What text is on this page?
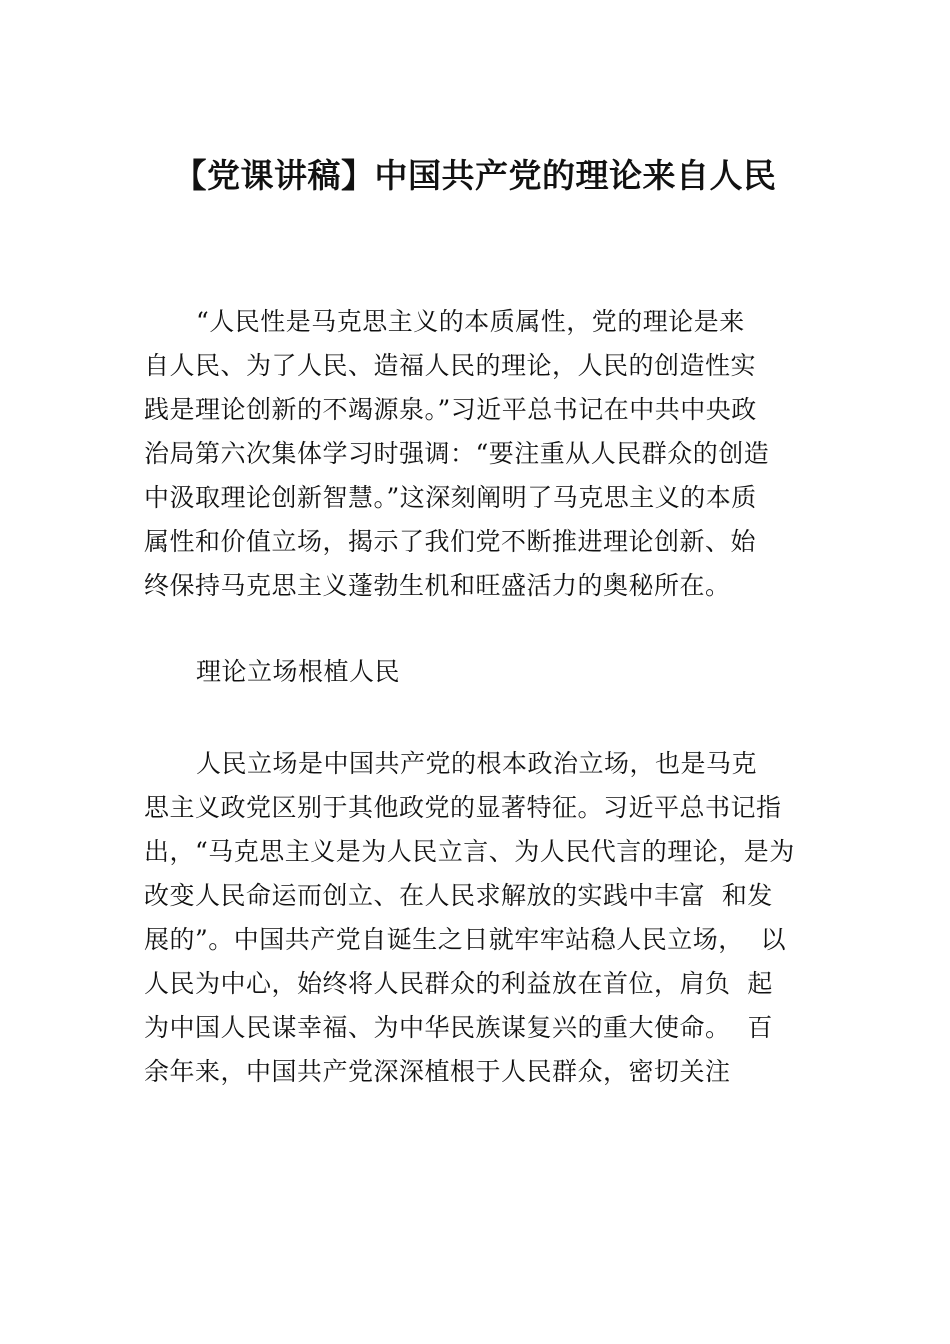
【党课讲稿】中国共产党的理论来自人民
“人民性是马克思主义的本质属性，党的理论是来
自人民、为了人民、造福人民的理论，人民的创造性实
践是理论创新的不竭源泉。”习近平总书记在中共中央政
治局第六次集体学习时强调：“要注重从人民群众的创造
中汲取理论创新智慧。”这深刻阐明了马克思主义的本质
属性和价值立场，揭示了我们党不断推进理论创新、始
终保持马克思主义蓬勃生机和旺盛活力的奥秘所在。
理论立场根植人民
人民立场是中国共产党的根本政治立场，也是马克
思主义政党区别于其他政党的显著特征。习近平总书记指
出，“马克思主义是为人民立言、为人民代言的理论，是为
改变人民命运而创立、在人民求解放的实践中丰富  和发
展的”。中国共产党自诞生之日就牢牢站稳人民立场，  以
人民为中心，始终将人民群众的利益放在首位，肩负  起
为中国人民谋幸福、为中华民族谋复兴的重大使命。  百
余年来，中国共产党深深植根于人民群众，密切关注
